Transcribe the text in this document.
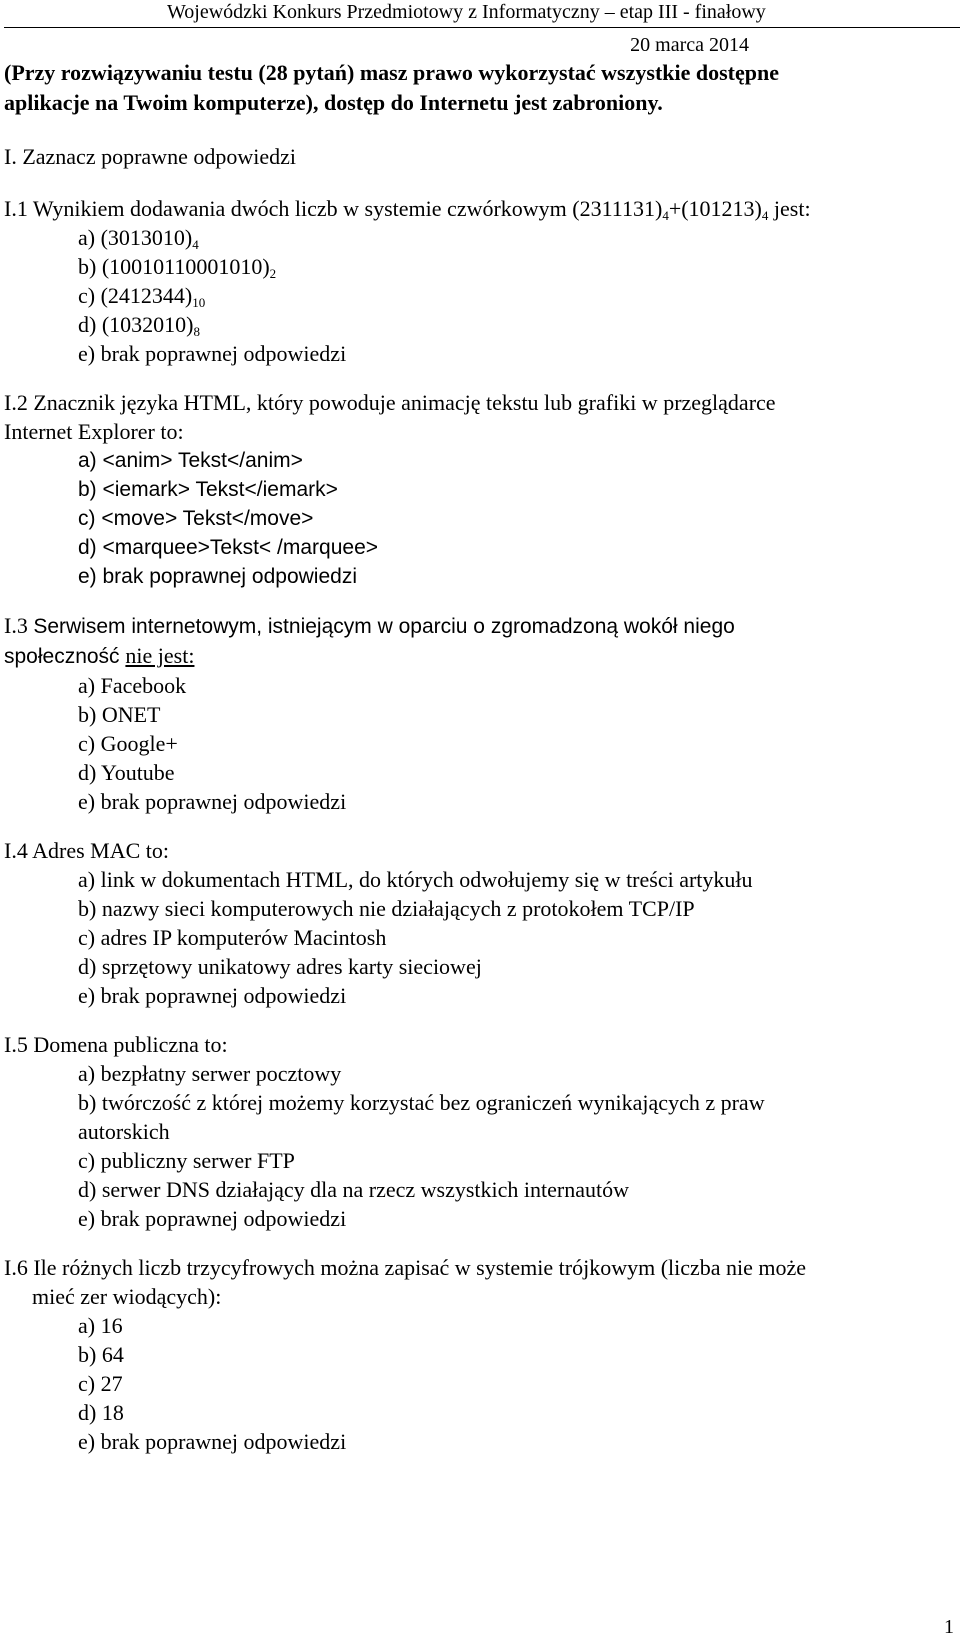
Wojewódzki Konkurs Przedmiotowy z Informatyczny – etap III - finałowy
20 marca 2014
(Przy rozwiązywaniu testu (28 pytań) masz prawo wykorzystać wszystkie dostępne
aplikacje na Twoim komputerze), dostęp do Internetu jest zabroniony.
I. Zaznacz poprawne odpowiedzi
I.1 Wynikiem dodawania dwóch liczb w systemie czwórkowym $(2311131)_4+(101213)_4$ jest:
a) $(3013010)_4$
b) $(10010110001010)_2$
c) $(2412344)_{10}$
d) $(1032010)_8$
e) brak poprawnej odpowiedzi
I.2 Znacznik języka HTML, który powoduje animację tekstu lub grafiki w przeglądarce
Internet Explorer to:
a) <anim> Tekst</anim>
b) <iemark> Tekst</iemark>
c) <move> Tekst</move>
d) <marquee>Tekst< /marquee>
e) brak poprawnej odpowiedzi
I.3 Serwisem internetowym, istniejącym w oparciu o zgromadzoną wokół niego
społeczność nie jest:
a) Facebook
b) ONET
c) Google+
d) Youtube
e) brak poprawnej odpowiedzi
I.4 Adres MAC to:
a) link w dokumentach HTML, do których odwołujemy się w treści artykułu
b) nazwy sieci komputerowych nie działających z protokołem TCP/IP
c) adres IP komputerów Macintosh
d) sprzętowy unikatowy adres karty sieciowej
e) brak poprawnej odpowiedzi
I.5 Domena publiczna to:
a) bezpłatny serwer pocztowy
b) twórczość z której możemy korzystać bez ograniczeń wynikających z praw
autorskich
c) publiczny serwer FTP
d) serwer DNS działający dla na rzecz wszystkich internautów
e) brak poprawnej odpowiedzi
I.6 Ile różnych liczb trzycyfrowych można zapisać w systemie trójkowym (liczba nie może
mieć zer wiodących):
a) 16
b) 64
c) 27
d) 18
e) brak poprawnej odpowiedzi
1
